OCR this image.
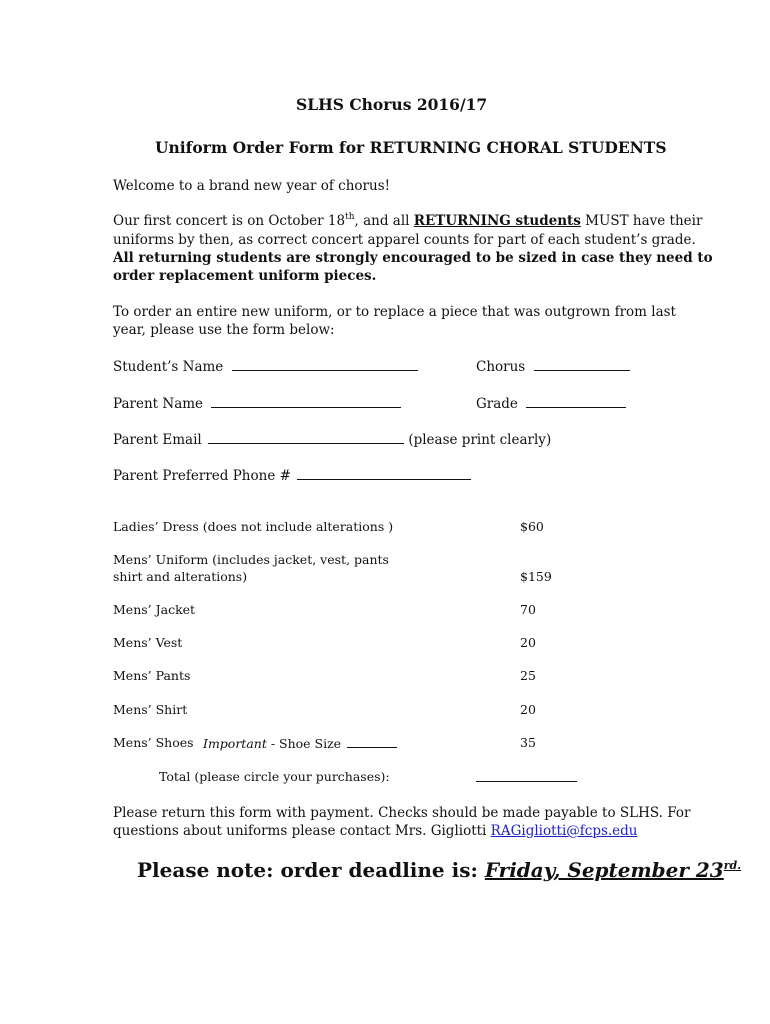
SLHS Chorus 2016/17
Uniform Order Form for RETURNING CHORAL STUDENTS
Welcome to a brand new year of chorus!
Our first concert is on October 18th, and all RETURNING students MUST have their
uniforms by then, as correct concert apparel counts for part of each student’s grade.
All returning students are strongly encouraged to be sized in case they need to
order replacement uniform pieces.
To order an entire new uniform, or to replace a piece that was outgrown from last
year, please use the form below:
Student’s Name	Chorus
Parent Name	Grade
Parent Email	(please print clearly)
Parent Preferred Phone #
Ladies’ Dress (does not include alterations )	$60
Mens’ Uniform (includes jacket, vest, pants
shirt and alterations)	$159
Mens’ Jacket	70
Mens’ Vest	20
Mens’ Pants	25
Mens’ Shirt	20
Mens’ Shoes Important - Shoe Size	35
Total (please circle your purchases):
Please return this form with payment. Checks should be made payable to SLHS. For
questions about uniforms please contact Mrs. Gigliotti RAGigliotti@fcps.edu
Please note: order deadline is: Friday, September $23^{rd.}$
